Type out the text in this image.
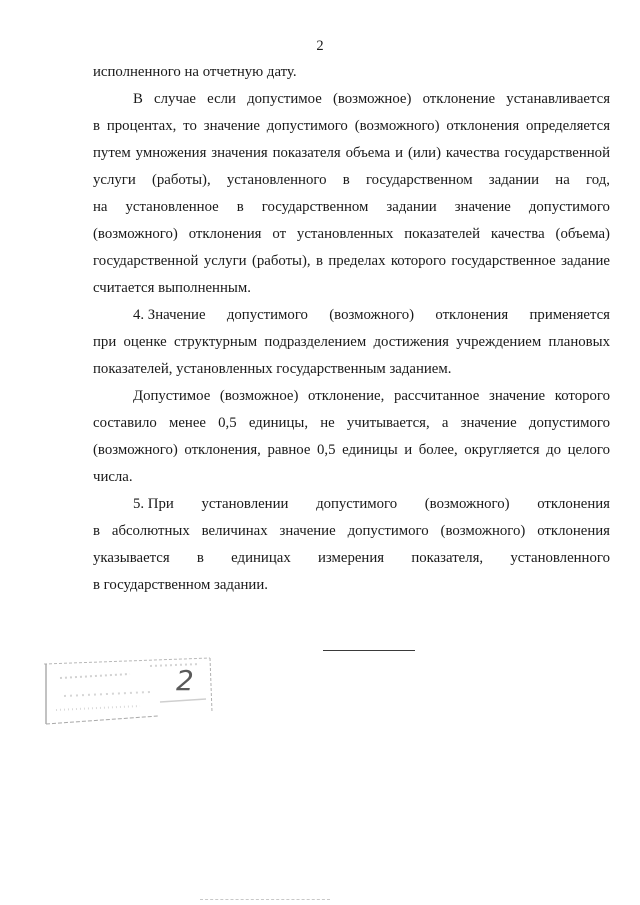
2
исполненного на отчетную дату.
В случае если допустимое (возможное) отклонение устанавливается
в процентах, то значение допустимого (возможного) отклонения определяется
путем умножения значения показателя объема и (или) качества государственной
услуги (работы), установленного в государственном задании на год,
на установленное в государственном задании значение допустимого
(возможного) отклонения от установленных показателей качества (объема)
государственной услуги (работы), в пределах которого государственное задание
считается выполненным.
4. Значение допустимого (возможного) отклонения применяется
при оценке структурным подразделением достижения учреждением плановых
показателей, установленных государственным заданием.
Допустимое (возможное) отклонение, рассчитанное значение которого
составило менее 0,5 единицы, не учитывается, а значение допустимого
(возможного) отклонения, равное 0,5 единицы и более, округляется до целого
числа.
5. При установлении допустимого (возможного) отклонения
в абсолютных величинах значение допустимого (возможного) отклонения
указывается в единицах измерения показателя, установленного
в государственном задании.
2
